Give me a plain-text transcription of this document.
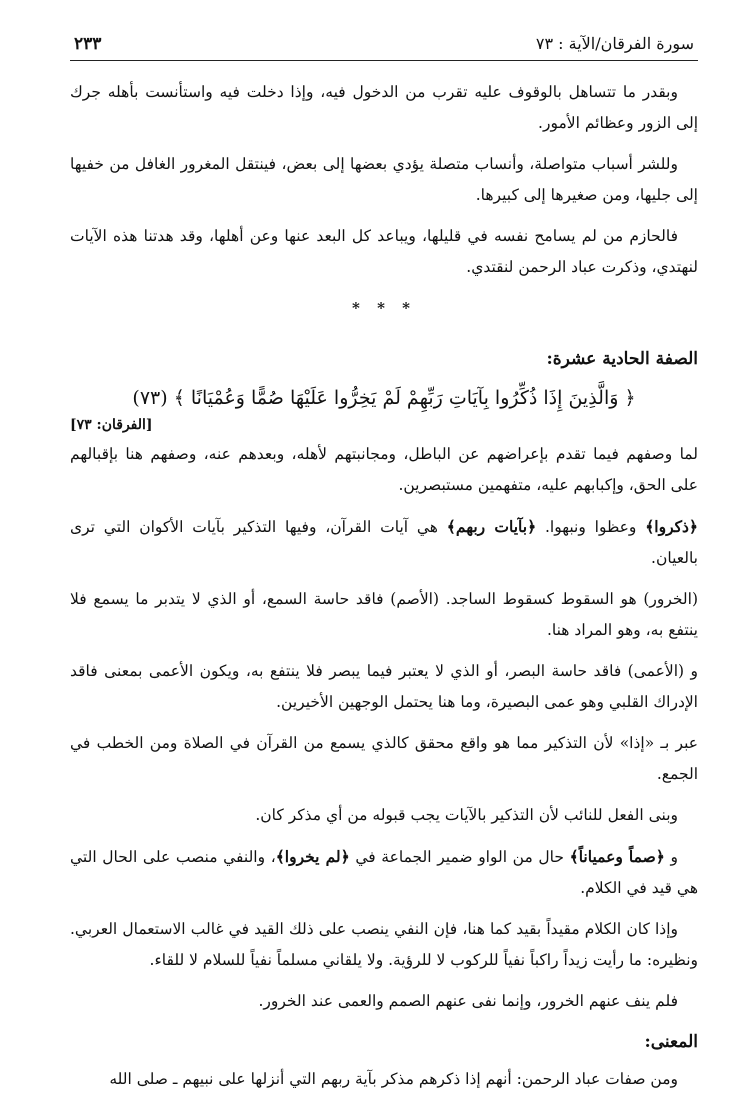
سورة الفرقان/الآية : ٧٣
٢٣٣

وبقدر ما تتساهل بالوقوف عليه تقرب من الدخول فيه، وإذا دخلت فيه واستأنست بأهله جرك إلى الزور وعظائم الأمور.

وللشر أسباب متواصلة، وأنساب متصلة يؤدي بعضها إلى بعض، فينتقل المغرور الغافل من خفيها إلى جليها، ومن صغيرها إلى كبيرها.

فالحازم من لم يسامح نفسه في قليلها، ويباعد كل البعد عنها وعن أهلها، وقد هدتنا هذه الآيات لنهتدي، وذكرت عباد الرحمن لنقتدي.

* * *

الصفة الحادية عشرة:

﴿ وَالَّذِينَ إِذَا ذُكِّرُوا بِآيَاتِ رَبِّهِمْ لَمْ يَخِرُّوا عَلَيْهَا صُمًّا وَعُمْيَانًا ﴾ (٧٣)

[الفرقان: ٧٣]

لما وصفهم فيما تقدم بإعراضهم عن الباطل، ومجانبتهم لأهله، وبعدهم عنه، وصفهم هنا بإقبالهم على الحق، وإكبابهم عليه، متفهمين مستبصرين.

﴿ذكروا﴾ وعظوا ونبهوا. ﴿بآيات ربهم﴾ هي آيات القرآن، وفيها التذكير بآيات الأكوان التي ترى بالعيان.

(الخرور) هو السقوط كسقوط الساجد. (الأصم) فاقد حاسة السمع، أو الذي لا يتدبر ما يسمع فلا ينتفع به، وهو المراد هنا.

و (الأعمى) فاقد حاسة البصر، أو الذي لا يعتبر فيما يبصر فلا ينتفع به، ويكون الأعمى بمعنى فاقد الإدراك القلبي وهو عمى البصيرة، وما هنا يحتمل الوجهين الأخيرين.

عبر بـ «إذا» لأن التذكير مما هو واقع محقق كالذي يسمع من القرآن في الصلاة ومن الخطب في الجمع.

وبنى الفعل للنائب لأن التذكير بالآيات يجب قبوله من أي مذكر كان.

و ﴿صماً وعمياناً﴾ حال من الواو ضمير الجماعة في ﴿لم يخروا﴾، والنفي منصب على الحال التي هي قيد في الكلام.

وإذا كان الكلام مقيداً بقيد كما هنا، فإن النفي ينصب على ذلك القيد في غالب الاستعمال العربي. ونظيره: ما رأيت زيداً راكباً نفياً للركوب لا للرؤية. ولا يلقاني مسلماً نفياً للسلام لا للقاء.

فلم ينف عنهم الخرور، وإنما نفى عنهم الصمم والعمى عند الخرور.

المعنى:

ومن صفات عباد الرحمن: أنهم إذا ذكرهم مذكر بآية ربهم التي أنزلها على نبيهم ـ صلى الله
